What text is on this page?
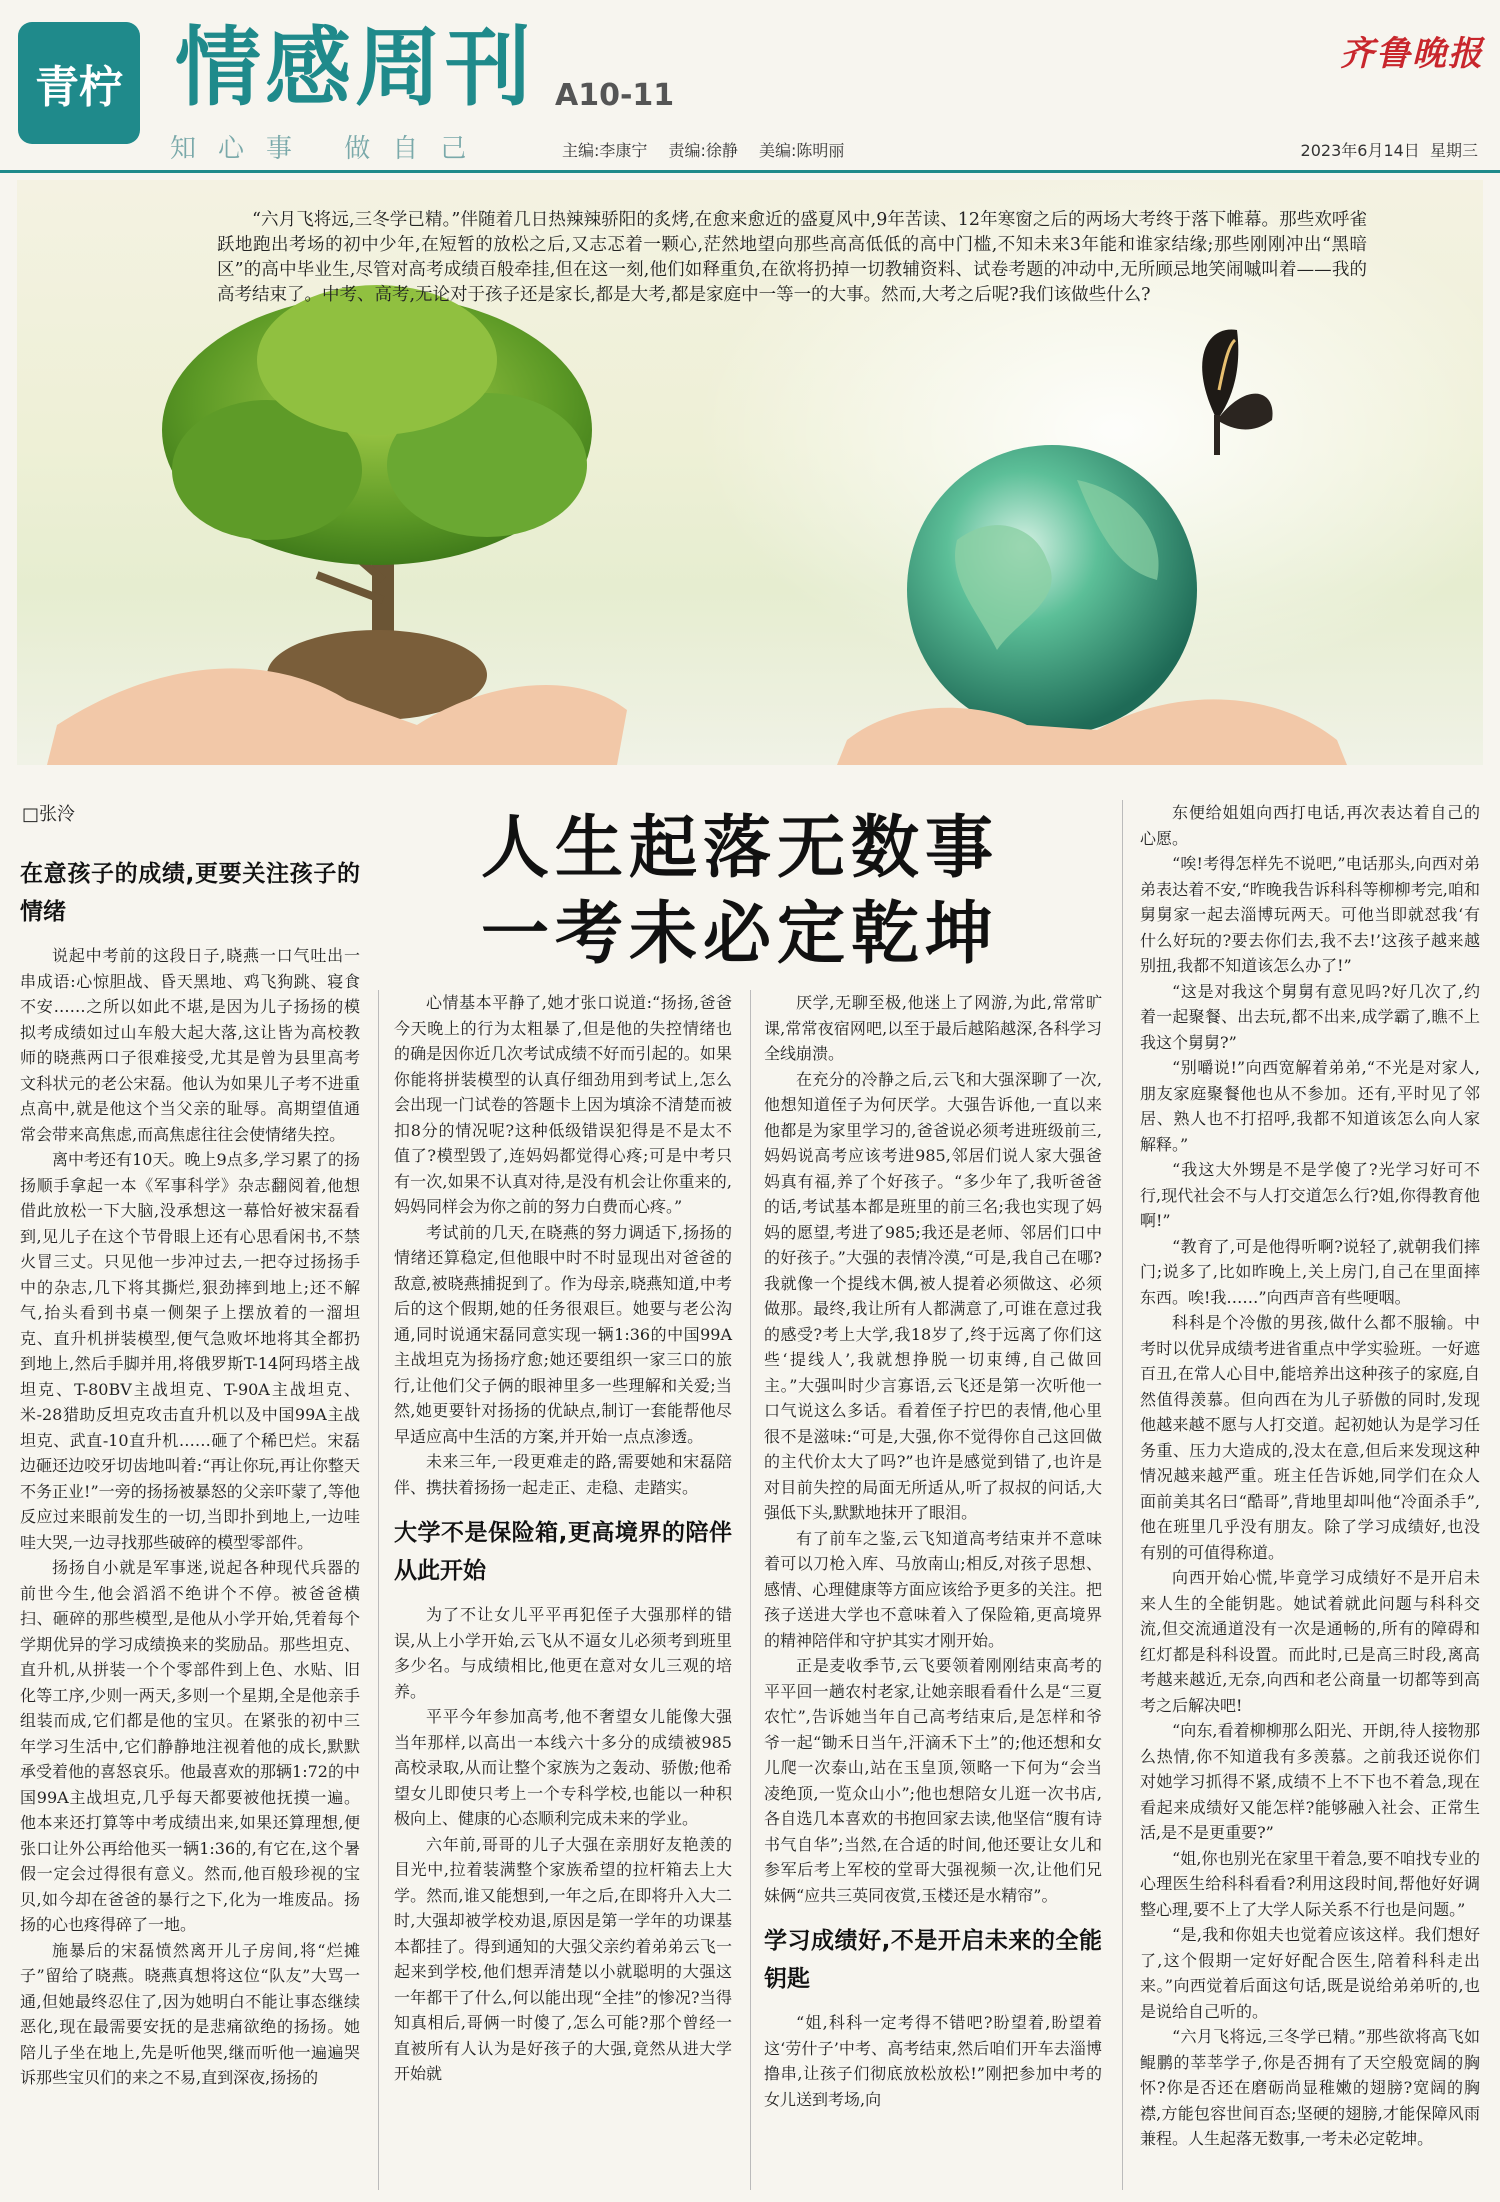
青柠 情感周刊 A10-11
知心事 做自己	主编:李康宁 责编:徐静 美编:陈明丽
齐鲁晚报
2023年6月14日 星期三
“六月飞将远,三冬学已精。”伴随着几日热辣辣骄阳的炙烤,在愈来愈近的盛夏风中,9年苦读、12年寒窗之后的两场大考终于落下帷幕。那些欢呼雀跃地跑出考场的初中少年,在短暂的放松之后,又志忑着一颗心,茫然地望向那些高高低低的高中门槛,不知未来3年能和谁家结缘;那些刚刚冲出“黑暗区”的高中毕业生,尽管对高考成绩百般牵挂,但在这一刻,他们如释重负,在欲将扔掉一切教辅资料、试卷考题的冲动中,无所顾忌地笑闹嘁叫着——我的高考结束了。中考、高考,无论对于孩子还是家长,都是大考,都是家庭中一等一的大事。然而,大考之后呢?我们该做些什么?
□张泠	人生起落无数事
一考未必定乾坤
在意孩子的成绩,更要关注孩子的情绪

说起中考前的这段日子,晓燕一口气吐出一串成语:心惊胆战、昏天黑地、鸡飞狗跳、寝食不安……之所以如此不堪,是因为儿子扬扬的模拟考成绩如过山车般大起大落,这让皆为高校教师的晓燕两口子很难接受,尤其是曾为县里高考文科状元的老公宋磊。他认为如果儿子考不进重点高中,就是他这个当父亲的耻辱。高期望值通常会带来高焦虑,而高焦虑往往会使情绪失控。

离中考还有10天。晚上9点多,学习累了的扬扬顺手拿起一本《军事科学》杂志翻阅着,他想借此放松一下大脑,没承想这一幕恰好被宋磊看到,见儿子在这个节骨眼上还有心思看闲书,不禁火冒三丈。只见他一步冲过去,一把夺过扬扬手中的杂志,几下将其撕烂,狠劲摔到地上;还不解气,抬头看到书桌一侧架子上摆放着的一溜坦克、直升机拼装模型,便气急败坏地将其全都扔到地上,然后手脚并用,将俄罗斯T-14阿玛塔主战坦克、T-80BV主战坦克、T-90A主战坦克、米-28猎助反坦克攻击直升机以及中国99A主战坦克、武直-10直升机……砸了个稀巴烂。宋磊边砸还边咬牙切齿地叫着:“再让你玩,再让你整天不务正业!”一旁的扬扬被暴怒的父亲吓蒙了,等他反应过来眼前发生的一切,当即扑到地上,一边哇哇大哭,一边寻找那些破碎的模型零部件。

扬扬自小就是军事迷,说起各种现代兵器的前世今生,他会滔滔不绝讲个不停。被爸爸横扫、砸碎的那些模型,是他从小学开始,凭着每个学期优异的学习成绩换来的奖励品。那些坦克、直升机,从拼装一个个零部件到上色、水贴、旧化等工序,少则一两天,多则一个星期,全是他亲手组装而成,它们都是他的宝贝。在紧张的初中三年学习生活中,它们静静地注视着他的成长,默默承受着他的喜怒哀乐。他最喜欢的那辆1:72的中国99A主战坦克,几乎每天都要被他抚摸一遍。他本来还打算等中考成绩出来,如果还算理想,便张口让外公再给他买一辆1:36的,有它在,这个暑假一定会过得很有意义。然而,他百般珍视的宝贝,如今却在爸爸的暴行之下,化为一堆废品。扬扬的心也疼得碎了一地。

施暴后的宋磊愤然离开儿子房间,将“烂摊子”留给了晓燕。晓燕真想将这位“队友”大骂一通,但她最终忍住了,因为她明白不能让事态继续恶化,现在最需要安抚的是悲痛欲绝的扬扬。她陪儿子坐在地上,先是听他哭,继而听他一遍遍哭诉那些宝贝们的来之不易,直到深夜,扬扬的

心情基本平静了,她才张口说道:“扬扬,爸爸今天晚上的行为太粗暴了,但是他的失控情绪也的确是因你近几次考试成绩不好而引起的。如果你能将拼装模型的认真仔细劲用到考试上,怎么会出现一门试卷的答题卡上因为填涂不清楚而被扣8分的情况呢?这种低级错误犯得是不是太不值了?模型毁了,连妈妈都觉得心疼;可是中考只有一次,如果不认真对待,是没有机会让你重来的,妈妈同样会为你之前的努力白费而心疼。”

考试前的几天,在晓燕的努力调适下,扬扬的情绪还算稳定,但他眼中时不时显现出对爸爸的敌意,被晓燕捕捉到了。作为母亲,晓燕知道,中考后的这个假期,她的任务很艰巨。她要与老公沟通,同时说通宋磊同意实现一辆1:36的中国99A主战坦克为扬扬疗愈;她还要组织一家三口的旅行,让他们父子俩的眼神里多一些理解和关爱;当然,她更要针对扬扬的优缺点,制订一套能帮他尽早适应高中生活的方案,并开始一点点渗透。

未来三年,一段更难走的路,需要她和宋磊陪伴、携扶着扬扬一起走正、走稳、走踏实。

大学不是保险箱,更高境界的陪伴从此开始

为了不让女儿平平再犯侄子大强那样的错误,从上小学开始,云飞从不逼女儿必须考到班里多少名。与成绩相比,他更在意对女儿三观的培养。

平平今年参加高考,他不奢望女儿能像大强当年那样,以高出一本线六十多分的成绩被985高校录取,从而让整个家族为之轰动、骄傲;他希望女儿即使只考上一个专科学校,也能以一种积极向上、健康的心态顺利完成未来的学业。

六年前,哥哥的儿子大强在亲朋好友艳羡的目光中,拉着装满整个家族希望的拉杆箱去上大学。然而,谁又能想到,一年之后,在即将升入大二时,大强却被学校劝退,原因是第一学年的功课基本都挂了。得到通知的大强父亲约着弟弟云飞一起来到学校,他们想弄清楚以小就聪明的大强这一年都干了什么,何以能出现“全挂”的惨况?当得知真相后,哥俩一时傻了,怎么可能?那个曾经一直被所有人认为是好孩子的大强,竟然从进大学开始就

厌学,无聊至极,他迷上了网游,为此,常常旷课,常常夜宿网吧,以至于最后越陷越深,各科学习全线崩溃。

在充分的冷静之后,云飞和大强深聊了一次,他想知道侄子为何厌学。大强告诉他,一直以来他都是为家里学习的,爸爸说必须考进班级前三,妈妈说高考应该考进985,邻居们说人家大强爸妈真有福,养了个好孩子。“多少年了,我听爸爸的话,考试基本都是班里的前三名;我也实现了妈妈的愿望,考进了985;我还是老师、邻居们口中的好孩子。”大强的表情冷漠,“可是,我自己在哪?我就像一个提线木偶,被人提着必须做这、必须做那。最终,我让所有人都满意了,可谁在意过我的感受?考上大学,我18岁了,终于远离了你们这些‘提线人’,我就想挣脱一切束缚,自己做回主。”大强叫时少言寡语,云飞还是第一次听他一口气说这么多话。看着侄子拧巴的表情,他心里很不是滋味:“可是,大强,你不觉得你自己这回做的主代价太大了吗?”也许是感觉到错了,也许是对目前失控的局面无所适从,听了叔叔的问话,大强低下头,默默地抹开了眼泪。

有了前车之鉴,云飞知道高考结束并不意味着可以刀枪入库、马放南山;相反,对孩子思想、感情、心理健康等方面应该给予更多的关注。把孩子送进大学也不意味着入了保险箱,更高境界的精神陪伴和守护其实才刚开始。

正是麦收季节,云飞要领着刚刚结束高考的平平回一趟农村老家,让她亲眼看看什么是“三夏农忙”,告诉她当年自己高考结束后,是怎样和爷爷一起“锄禾日当午,汗滴禾下土”的;他还想和女儿爬一次泰山,站在玉皇顶,领略一下何为“会当凌绝顶,一览众山小”;他也想陪女儿逛一次书店,各自选几本喜欢的书抱回家去读,他坚信“腹有诗书气自华”;当然,在合适的时间,他还要让女儿和参军后考上军校的堂哥大强视频一次,让他们兄妹俩“应共三英同夜赏,玉楼还是水精帘”。

学习成绩好,不是开启未来的全能钥匙

“姐,科科一定考得不错吧?盼望着,盼望着这‘劳什子’中考、高考结束,然后咱们开车去淄博撸串,让孩子们彻底放松放松!”刚把参加中考的女儿送到考场,向

东便给姐姐向西打电话,再次表达着自己的心愿。

“唉!考得怎样先不说吧,”电话那头,向西对弟弟表达着不安,“昨晚我告诉科科等柳柳考完,咱和舅舅家一起去淄博玩两天。可他当即就怼我‘有什么好玩的?要去你们去,我不去!’这孩子越来越别扭,我都不知道该怎么办了!”

“这是对我这个舅舅有意见吗?好几次了,约着一起聚餐、出去玩,都不出来,成学霸了,瞧不上我这个舅舅?”

“别嚼说!”向西宽解着弟弟,“不光是对家人,朋友家庭聚餐他也从不参加。还有,平时见了邻居、熟人也不打招呼,我都不知道该怎么向人家解释。”

“我这大外甥是不是学傻了?光学习好可不行,现代社会不与人打交道怎么行?姐,你得教育他啊!”

“教育了,可是他得听啊?说轻了,就朝我们摔门;说多了,比如昨晚上,关上房门,自己在里面摔东西。唉!我……”向西声音有些哽咽。

科科是个冷傲的男孩,做什么都不服输。中考时以优异成绩考进省重点中学实验班。一好遮百丑,在常人心目中,能培养出这种孩子的家庭,自然值得羡慕。但向西在为儿子骄傲的同时,发现他越来越不愿与人打交道。起初她认为是学习任务重、压力大造成的,没太在意,但后来发现这种情况越来越严重。班主任告诉她,同学们在众人面前美其名曰“酷哥”,背地里却叫他“冷面杀手”,他在班里几乎没有朋友。除了学习成绩好,也没有别的可值得称道。

向西开始心慌,毕竟学习成绩好不是开启未来人生的全能钥匙。她试着就此问题与科科交流,但交流通道没有一次是通畅的,所有的障碍和红灯都是科科设置。而此时,已是高三时段,离高考越来越近,无奈,向西和老公商量一切都等到高考之后解决吧!

“向东,看着柳柳那么阳光、开朗,待人接物那么热情,你不知道我有多羡慕。之前我还说你们对她学习抓得不紧,成绩不上不下也不着急,现在看起来成绩好又能怎样?能够融入社会、正常生活,是不是更重要?”

“姐,你也别光在家里干着急,要不咱找专业的心理医生给科科看看?利用这段时间,帮他好好调整心理,要不上了大学人际关系不行也是问题。”

“是,我和你姐夫也觉着应该这样。我们想好了,这个假期一定好好配合医生,陪着科科走出来。”向西觉着后面这句话,既是说给弟弟听的,也是说给自己听的。

“六月飞将远,三冬学已精。”那些欲将高飞如鲲鹏的莘莘学子,你是否拥有了天空般宽阔的胸怀?你是否还在磨砺尚显稚嫩的翅膀?宽阔的胸襟,方能包容世间百态;坚硬的翅膀,才能保障风雨兼程。人生起落无数事,一考未必定乾坤。
